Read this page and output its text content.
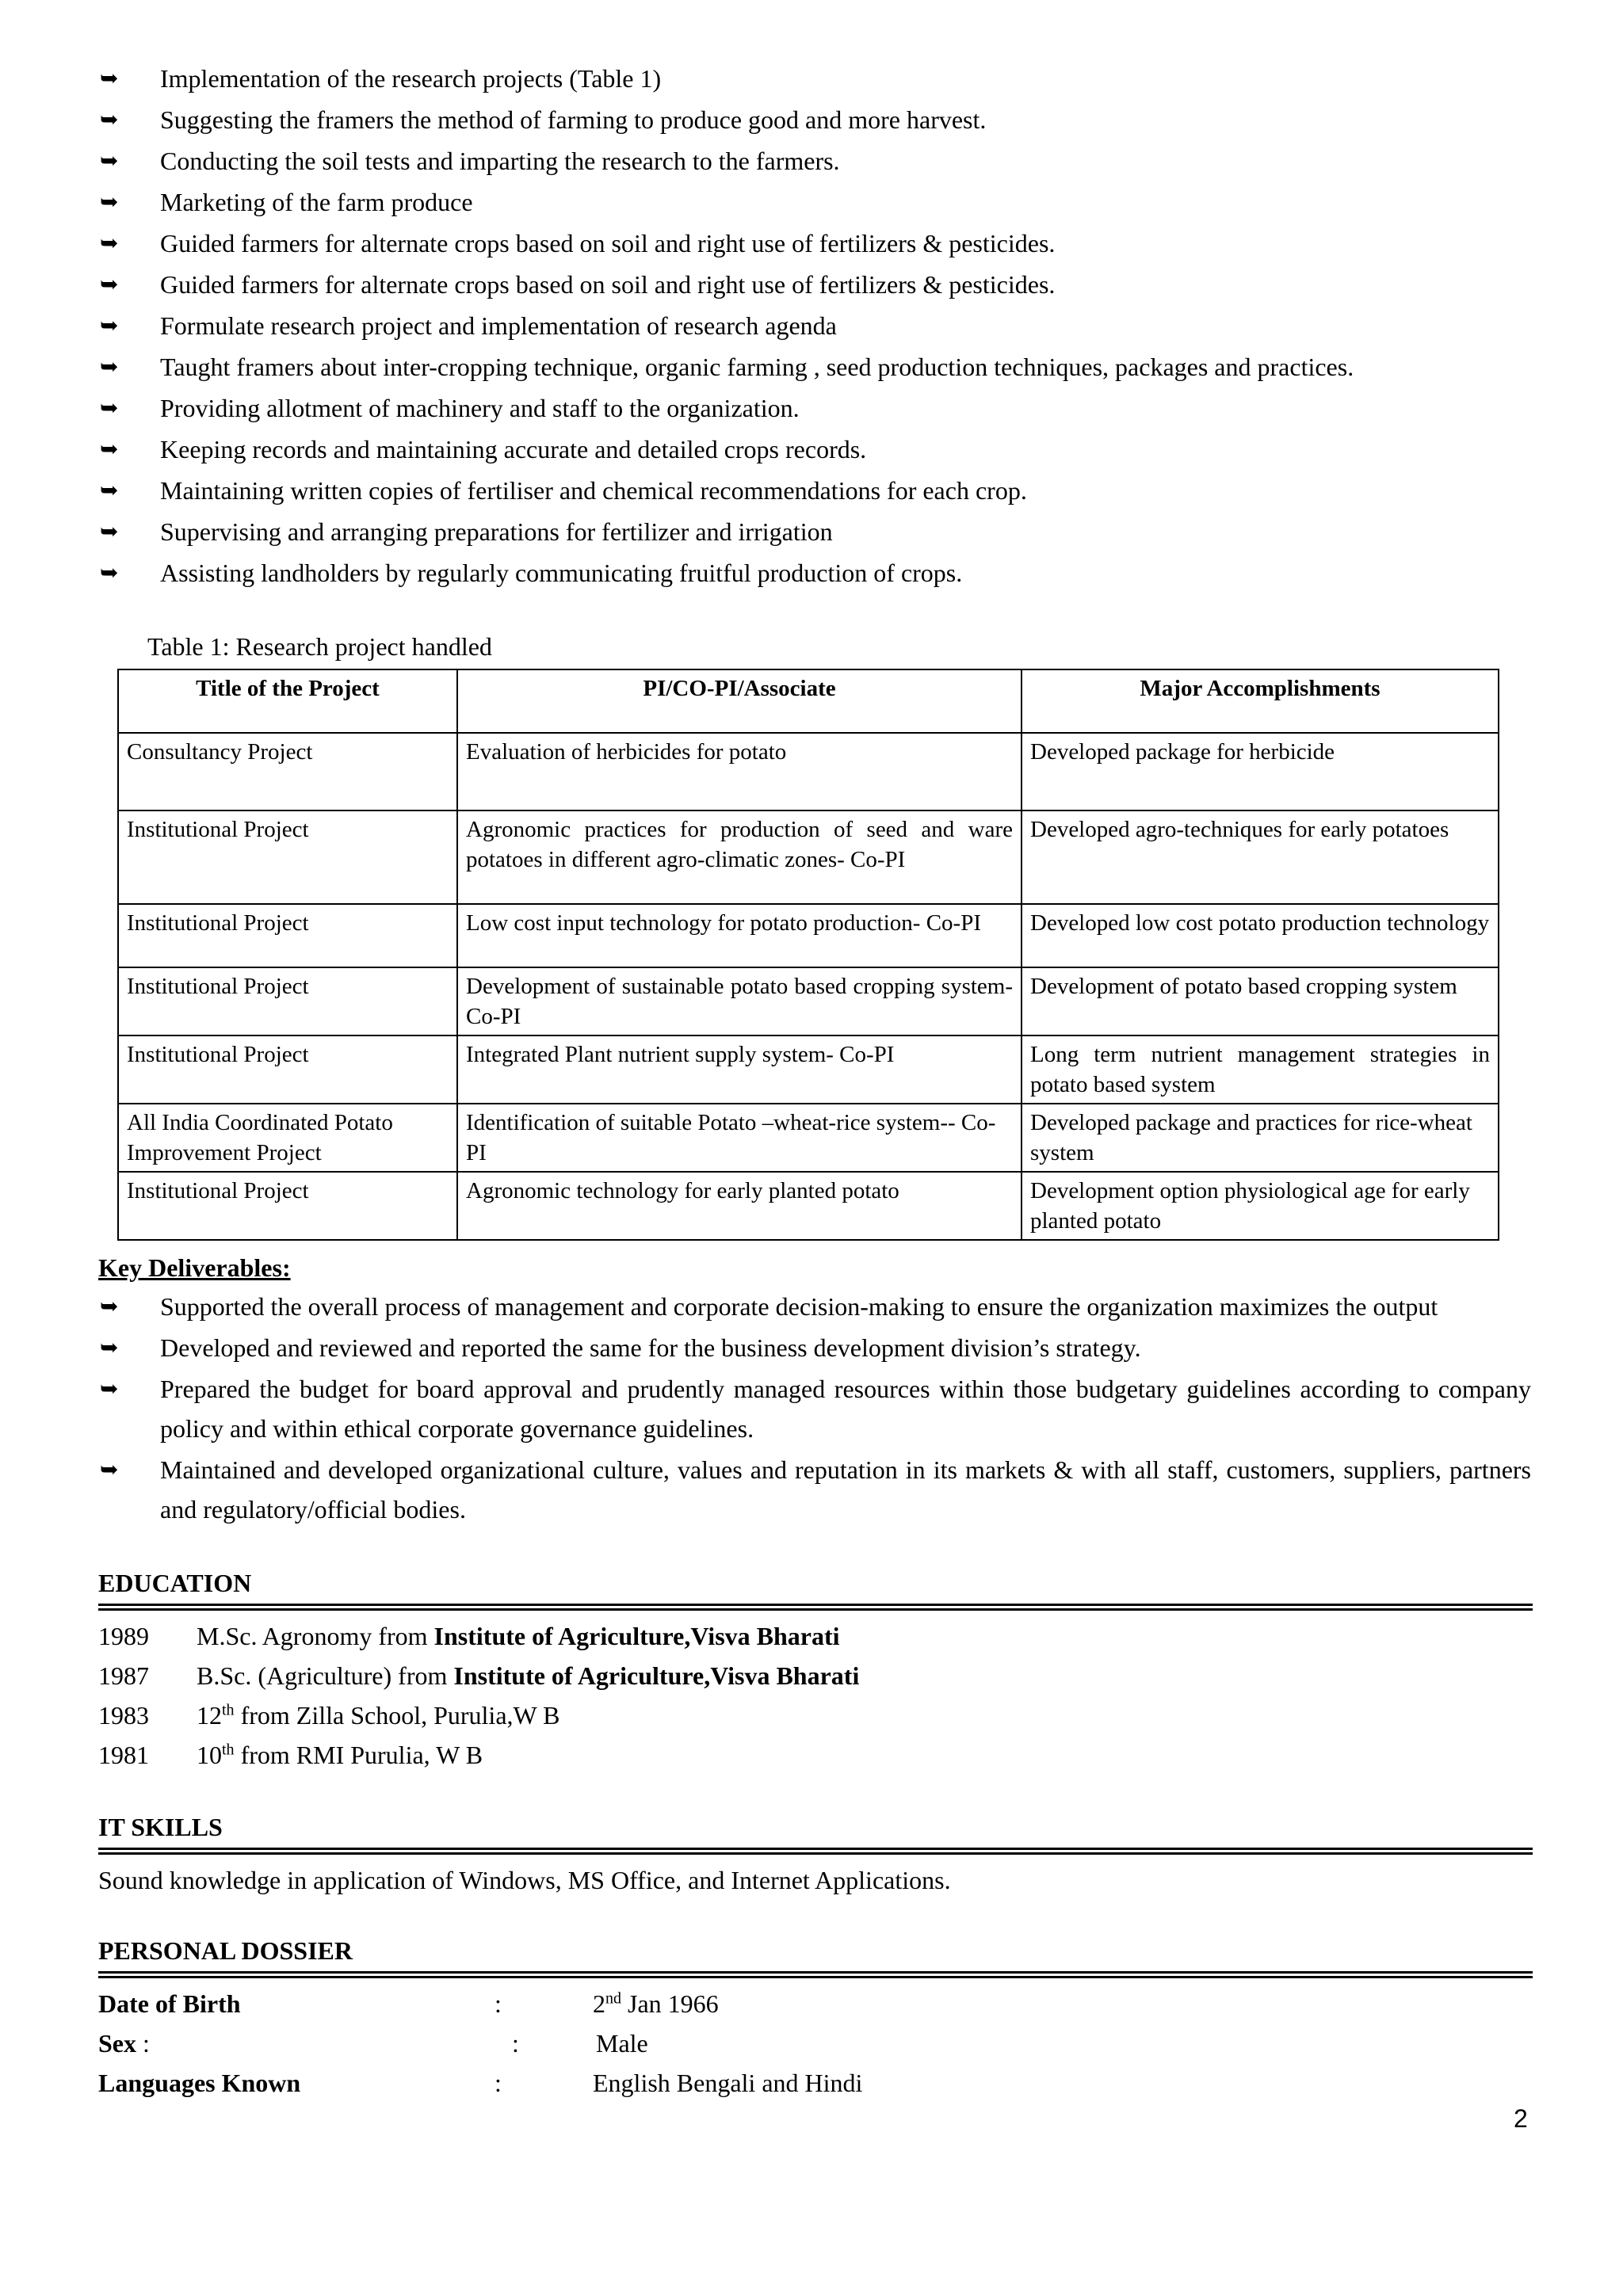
➥ Implementation of the research projects (Table 1)
➥ Suggesting the framers the method of farming to produce good and more harvest.
➥ Conducting the soil tests and imparting the research to the farmers.
➥ Marketing of the farm produce
➥ Guided farmers for alternate crops based on soil and right use of fertilizers & pesticides.
➥ Guided farmers for alternate crops based on soil and right use of fertilizers & pesticides.
➥ Formulate research project and implementation of research agenda
➥ Taught framers about inter-cropping technique, organic farming , seed production techniques, packages and practices.
➥ Providing allotment of machinery and staff to the organization.
➥ Keeping records and maintaining accurate and detailed crops records.
➥ Maintaining written copies of fertiliser and chemical recommendations for each crop.
➥ Supervising and arranging preparations for fertilizer and irrigation
➥ Assisting landholders by regularly communicating fruitful production of crops.
Table 1: Research project handled
Title of the Project	PI/CO-PI/Associate	Major Accomplishments
Consultancy Project	Evaluation of herbicides for potato	Developed package for herbicide
Institutional Project	Agronomic practices for production of seed and ware potatoes in different agro-climatic zones- Co-PI	Developed agro-techniques for early potatoes
Institutional Project	Low cost input technology for potato production- Co-PI	Developed low cost potato production technology
Institutional Project	Development of sustainable potato based cropping system- Co-PI	Development of potato based cropping system
Institutional Project	Integrated Plant nutrient supply system- Co-PI	Long term nutrient management strategies in potato based system
All India Coordinated Potato Improvement Project	Identification of suitable Potato –wheat-rice system-- Co-PI	Developed package and practices for rice-wheat system
Institutional Project	Agronomic technology for early planted potato	Development option physiological age for early planted potato
Key Deliverables:
➥ Supported the overall process of management and corporate decision-making to ensure the organization maximizes the output
➥ Developed and reviewed and reported the same for the business development division’s strategy.
➥ Prepared the budget for board approval and prudently managed resources within those budgetary guidelines according to company policy and within ethical corporate governance guidelines.
➥ Maintained and developed organizational culture, values and reputation in its markets & with all staff, customers, suppliers, partners and regulatory/official bodies.
EDUCATION
1989 M.Sc. Agronomy from Institute of Agriculture,Visva Bharati
1987 B.Sc. (Agriculture) from Institute of Agriculture,Visva Bharati
1983 12th from Zilla School, Purulia,W B
1981 10th from RMI Purulia, W B
IT SKILLS
Sound knowledge in application of Windows, MS Office, and Internet Applications.
PERSONAL DOSSIER
Date of Birth	:	2nd Jan 1966
Sex :	:	Male
Languages Known	:	English Bengali and Hindi
2
